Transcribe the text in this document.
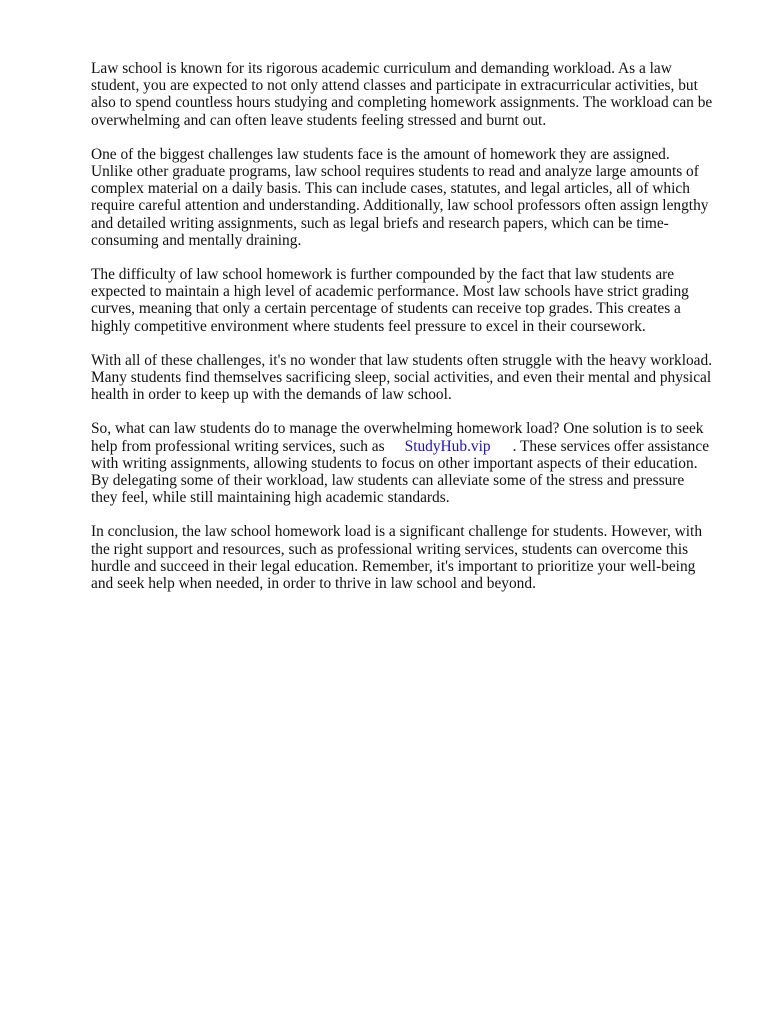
Law school is known for its rigorous academic curriculum and demanding workload. As a law
student, you are expected to not only attend classes and participate in extracurricular activities, but
also to spend countless hours studying and completing homework assignments. The workload can be
overwhelming and can often leave students feeling stressed and burnt out.

One of the biggest challenges law students face is the amount of homework they are assigned.
Unlike other graduate programs, law school requires students to read and analyze large amounts of
complex material on a daily basis. This can include cases, statutes, and legal articles, all of which
require careful attention and understanding. Additionally, law school professors often assign lengthy
and detailed writing assignments, such as legal briefs and research papers, which can be time-
consuming and mentally draining.

The difficulty of law school homework is further compounded by the fact that law students are
expected to maintain a high level of academic performance. Most law schools have strict grading
curves, meaning that only a certain percentage of students can receive top grades. This creates a
highly competitive environment where students feel pressure to excel in their coursework.

With all of these challenges, it's no wonder that law students often struggle with the heavy workload.
Many students find themselves sacrificing sleep, social activities, and even their mental and physical
health in order to keep up with the demands of law school.

So, what can law students do to manage the overwhelming homework load? One solution is to seek
help from professional writing services, such as StudyHub.vip . These services offer assistance
with writing assignments, allowing students to focus on other important aspects of their education.
By delegating some of their workload, law students can alleviate some of the stress and pressure
they feel, while still maintaining high academic standards.

In conclusion, the law school homework load is a significant challenge for students. However, with
the right support and resources, such as professional writing services, students can overcome this
hurdle and succeed in their legal education. Remember, it's important to prioritize your well-being
and seek help when needed, in order to thrive in law school and beyond.
